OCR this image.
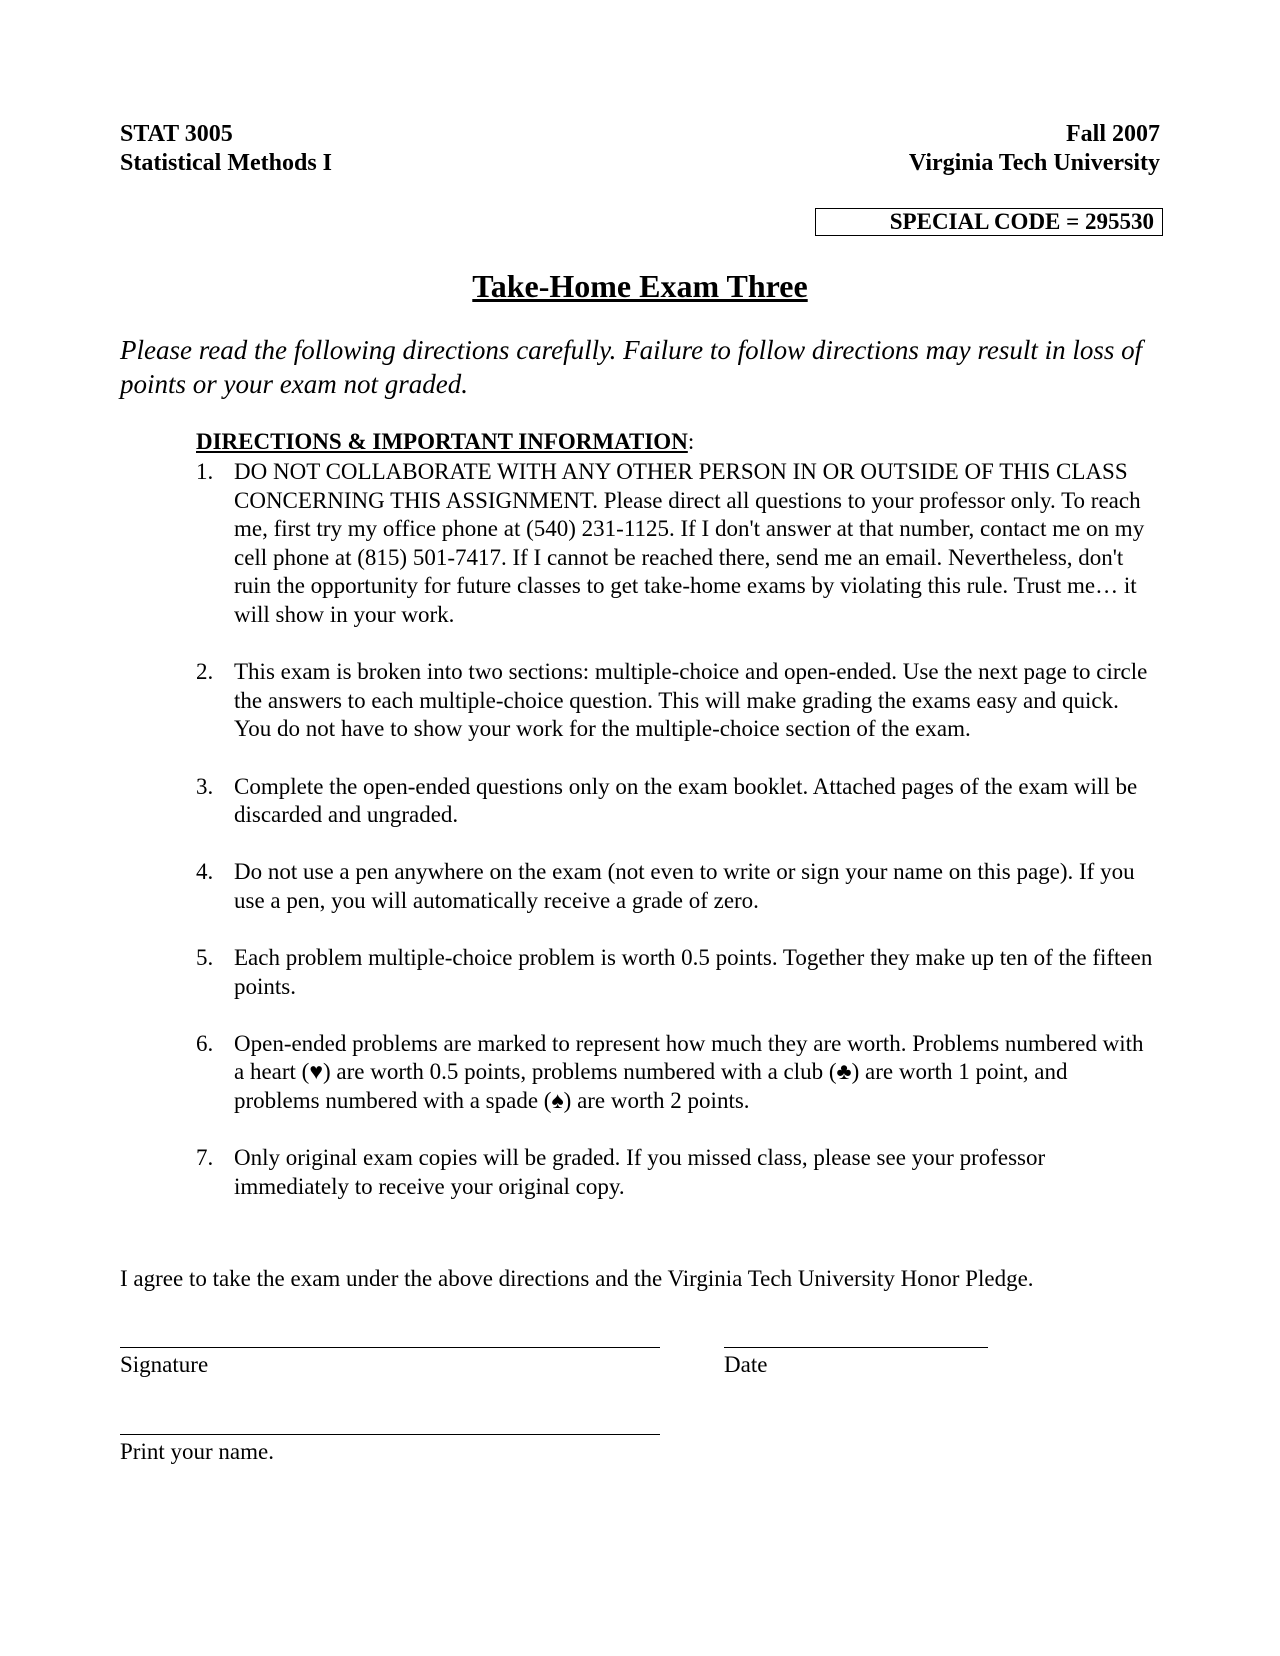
STAT 3005
Statistical Methods I
Fall 2007
Virginia Tech University
SPECIAL CODE = 295530
Take-Home Exam Three
Please read the following directions carefully. Failure to follow directions may result in loss of points or your exam not graded.
DIRECTIONS & IMPORTANT INFORMATION:
1. DO NOT COLLABORATE WITH ANY OTHER PERSON IN OR OUTSIDE OF THIS CLASS CONCERNING THIS ASSIGNMENT. Please direct all questions to your professor only. To reach me, first try my office phone at (540) 231-1125. If I don't answer at that number, contact me on my cell phone at (815) 501-7417. If I cannot be reached there, send me an email. Nevertheless, don't ruin the opportunity for future classes to get take-home exams by violating this rule. Trust me… it will show in your work.
2. This exam is broken into two sections: multiple-choice and open-ended. Use the next page to circle the answers to each multiple-choice question. This will make grading the exams easy and quick. You do not have to show your work for the multiple-choice section of the exam.
3. Complete the open-ended questions only on the exam booklet. Attached pages of the exam will be discarded and ungraded.
4. Do not use a pen anywhere on the exam (not even to write or sign your name on this page). If you use a pen, you will automatically receive a grade of zero.
5. Each problem multiple-choice problem is worth 0.5 points. Together they make up ten of the fifteen points.
6. Open-ended problems are marked to represent how much they are worth. Problems numbered with a heart (♥) are worth 0.5 points, problems numbered with a club (♣) are worth 1 point, and problems numbered with a spade (♠) are worth 2 points.
7. Only original exam copies will be graded. If you missed class, please see your professor immediately to receive your original copy.
I agree to take the exam under the above directions and the Virginia Tech University Honor Pledge.
Signature	Date
Print your name.
